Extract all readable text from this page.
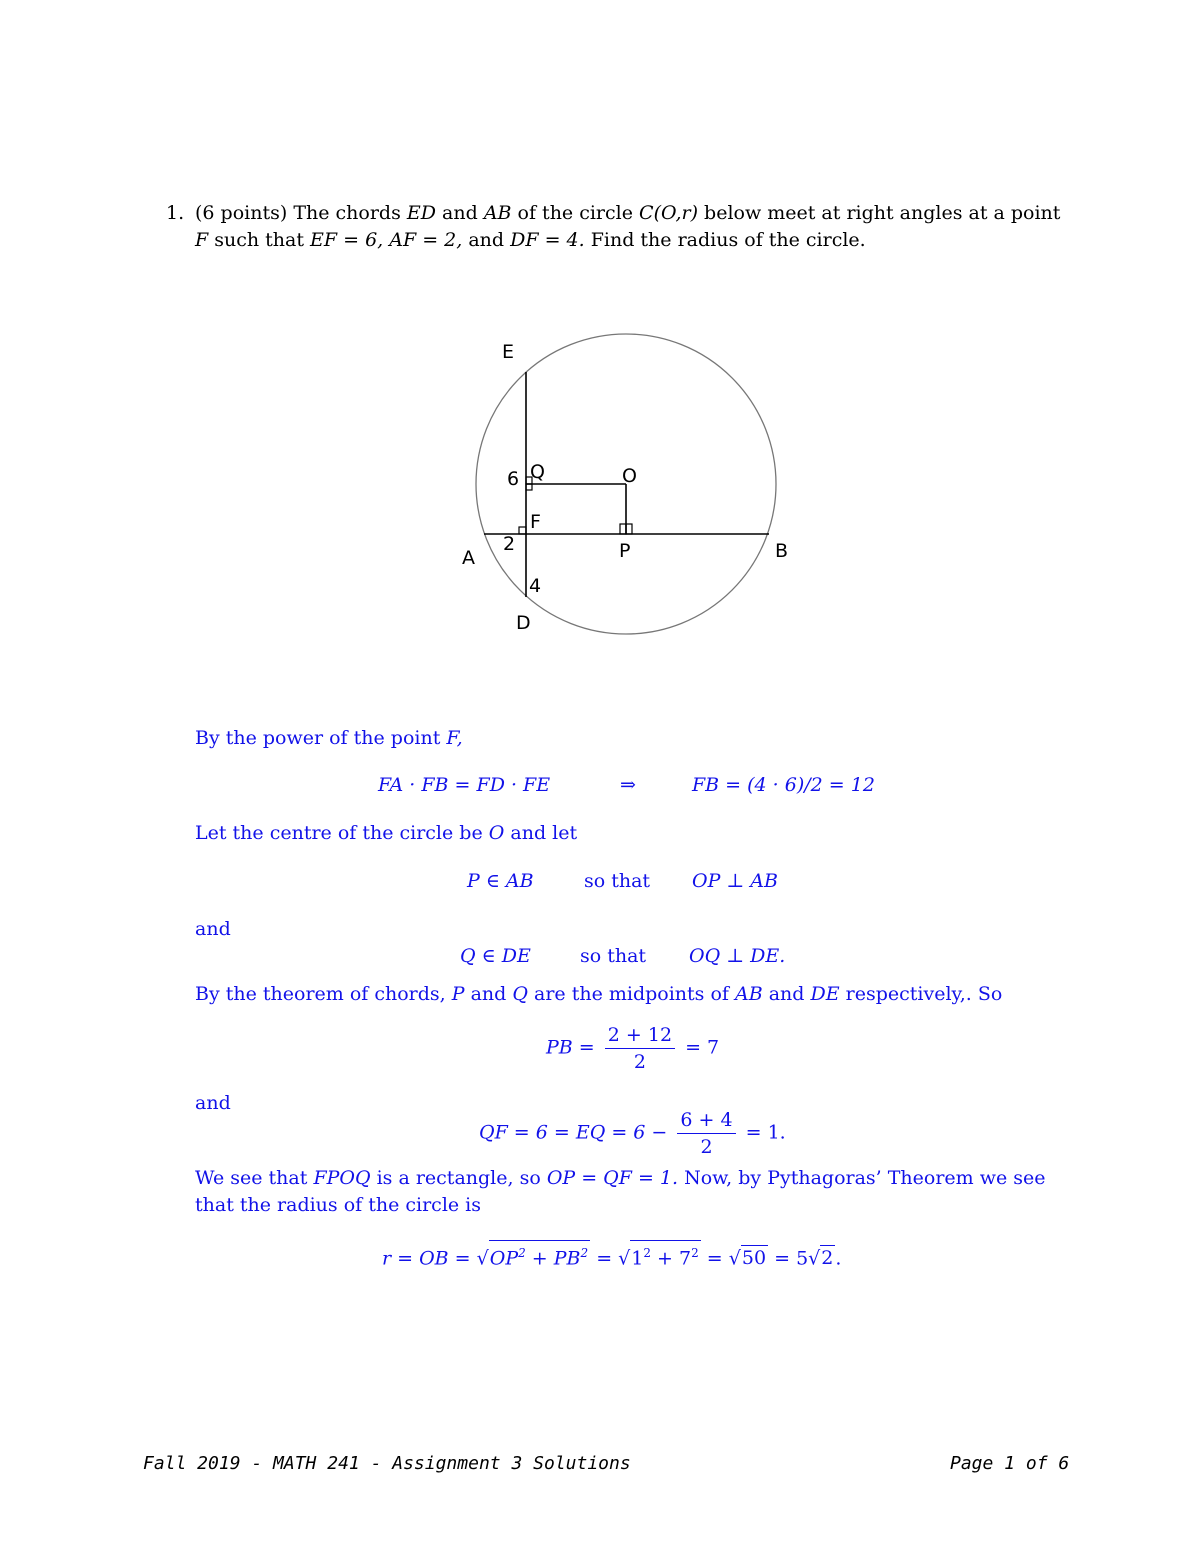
1. (6 points) The chords ED and AB of the circle C(O,r) below meet at right angles at a point
F such that EF = 6, AF = 2, and DF = 4. Find the radius of the circle.
E
D
A	B
O
P
Q
F
6
2
4
By the power of the point F,
FA · FB = FD · FE	⇒	FB = (4 · 6)/2 = 12
Let the centre of the circle be O and let
P ∈ AB	so that OP ⊥ AB
and
Q ∈ DE	so that OQ ⊥ DE.
By the theorem of chords, P and Q are the midpoints of AB and DE respectively,. So
PB = $\frac{2 + 12}{2} = 7$
and
QF = 6 = EQ = $6 - \frac{6 + 4}{2} = 1$.
We see that FPOQ is a rectangle, so OP = QF = 1. Now, by Pythagoras’ Theorem we see
that the radius of the circle is
r = OB = $√OP^2 + PB^2 = √1^2 + 7^2 = √50 = 5√2$ .
Fall 2019 - MATH 241 - Assignment 3 Solutions	Page 1 of 6
